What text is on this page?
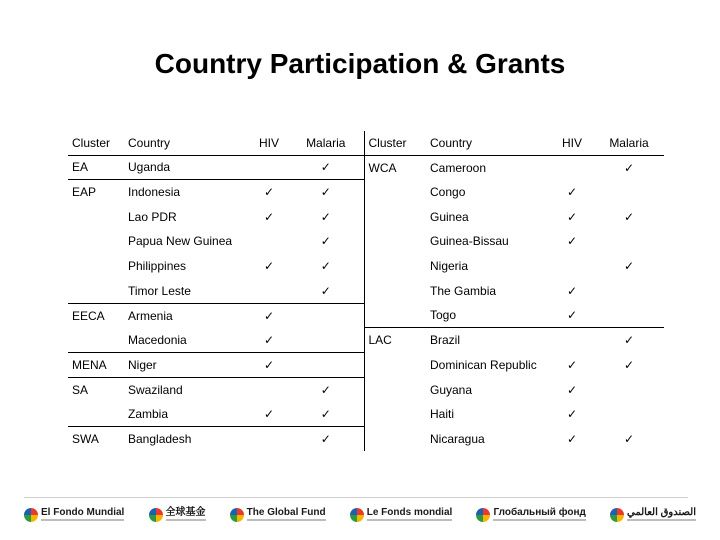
Country Participation & Grants
Cluster	Country	HIV	Malaria	Cluster	Country	HIV	Malaria
EA	Uganda		✓	WCA	Cameroon		✓
EAP	Indonesia	✓	✓		Congo	✓	
	Lao PDR	✓	✓		Guinea	✓	✓
	Papua New Guinea		✓		Guinea-Bissau	✓	
	Philippines	✓	✓		Nigeria		✓
	Timor Leste		✓		The Gambia	✓	
EECA	Armenia	✓			Togo	✓	
	Macedonia	✓		LAC	Brazil		✓
MENA	Niger	✓			Dominican Republic	✓	✓
SA	Swaziland		✓		Guyana	✓	
	Zambia	✓	✓		Haiti	✓	
SWA	Bangladesh		✓		Nicaragua	✓	✓
El Fondo Mundial	全球基金	The Global Fund	Le Fonds mondial	Глобальный фонд	الصندوق العالمي
